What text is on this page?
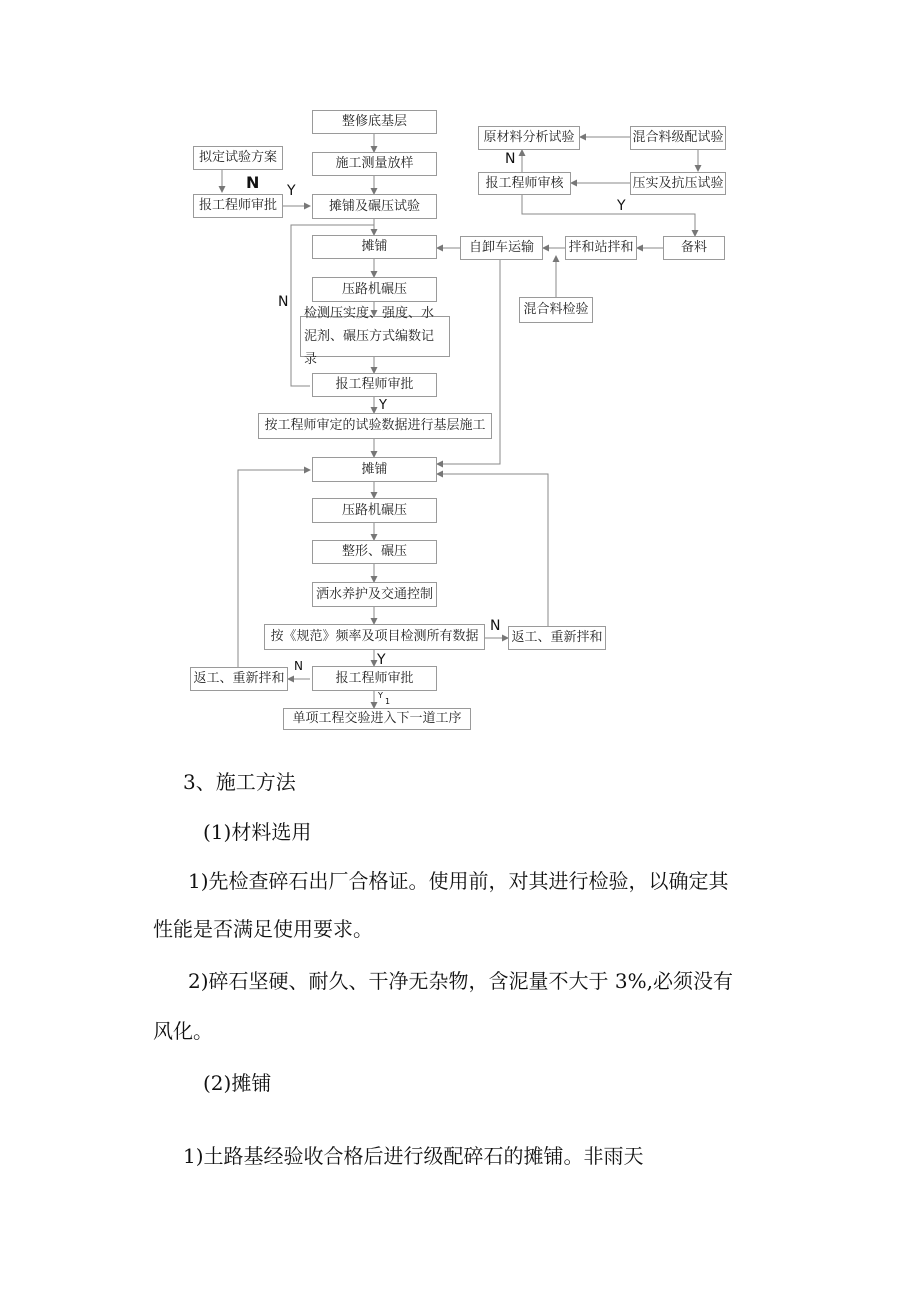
整修底基层
施工测量放样
摊铺及碾压试验
摊铺
压路机碾压
检测压实度、强度、水泥剂、碾压方式编数记录
报工程师审批
按工程师审定的试验数据进行基层施工
摊铺
压路机碾压
整形、碾压
洒水养护及交通控制
按《规范》频率及项目检测所有数据
报工程师审批
单项工程交验进入下一道工序
拟定试验方案
报工程师审批
返工、重新拌和
原材料分析试验	混合料级配试验
报工程师审核	压实及抗压试验
自卸车运输	拌和站拌和	备料
混合料检验
返工、重新拌和
N Y
N
Y
N
Y
N
Y
N
Y
1
3、施工方法
(1)材料选用
1)先检查碎石出厂合格证。使用前，对其进行检验，以确定其
性能是否满足使用要求。
2)碎石坚硬、耐久、干净无杂物，含泥量不大于 3%,必须没有
风化。
(2)摊铺
1)土路基经验收合格后进行级配碎石的摊铺。非雨天
